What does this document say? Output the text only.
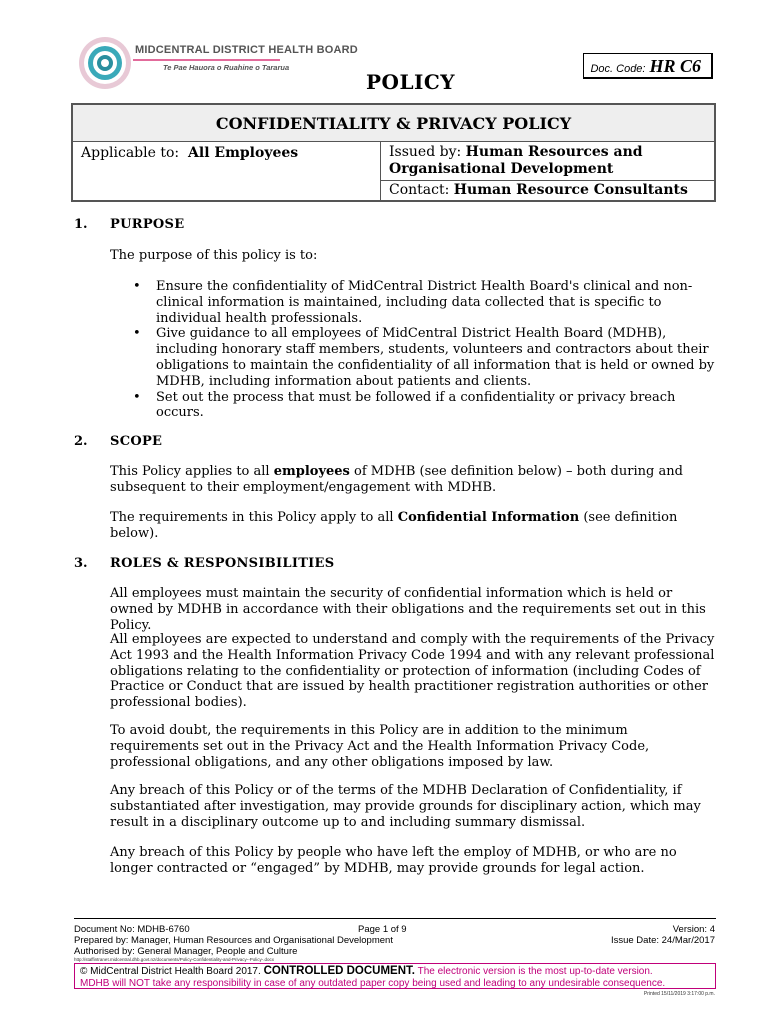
MIDCENTRAL DISTRICT HEALTH BOARD
Te Pae Hauora o Ruahine o Tararua
POLICY
Doc. Code: HR C6
CONFIDENTIALITY & PRIVACY POLICY
Applicable to: All Employees	Issued by: Human Resources and Organisational Development
Contact: Human Resource Consultants
1. PURPOSE
The purpose of this policy is to:
• Ensure the confidentiality of MidCentral District Health Board's clinical and non-clinical information is maintained, including data collected that is specific to individual health professionals.
• Give guidance to all employees of MidCentral District Health Board (MDHB), including honorary staff members, students, volunteers and contractors about their obligations to maintain the confidentiality of all information that is held or owned by MDHB, including information about patients and clients.
• Set out the process that must be followed if a confidentiality or privacy breach occurs.
2. SCOPE
This Policy applies to all employees of MDHB (see definition below) – both during and subsequent to their employment/engagement with MDHB.
The requirements in this Policy apply to all Confidential Information (see definition below).
3. ROLES & RESPONSIBILITIES
All employees must maintain the security of confidential information which is held or owned by MDHB in accordance with their obligations and the requirements set out in this Policy.
All employees are expected to understand and comply with the requirements of the Privacy Act 1993 and the Health Information Privacy Code 1994 and with any relevant professional obligations relating to the confidentiality or protection of information (including Codes of Practice or Conduct that are issued by health practitioner registration authorities or other professional bodies).
To avoid doubt, the requirements in this Policy are in addition to the minimum requirements set out in the Privacy Act and the Health Information Privacy Code, professional obligations, and any other obligations imposed by law.
Any breach of this Policy or of the terms of the MDHB Declaration of Confidentiality, if substantiated after investigation, may provide grounds for disciplinary action, which may result in a disciplinary outcome up to and including summary dismissal.
Any breach of this Policy by people who have left the employ of MDHB, or who are no longer contracted or “engaged” by MDHB, may provide grounds for legal action.
Document No: MDHB-6760	Page 1 of 9	Version: 4
Prepared by: Manager, Human Resources and Organisational Development	Issue Date: 24/Mar/2017
Authorised by: General Manager, People and Culture
http://staffintranet.midcentral.dhb.govt.nz/documents/Policy-Confidentiality-and-Privacy--Policy-.docx
© MidCentral District Health Board 2017. CONTROLLED DOCUMENT. The electronic version is the most up-to-date version.
MDHB will NOT take any responsibility in case of any outdated paper copy being used and leading to any undesirable consequence.
Printed 15/11/2019 3:17:00 p.m.
